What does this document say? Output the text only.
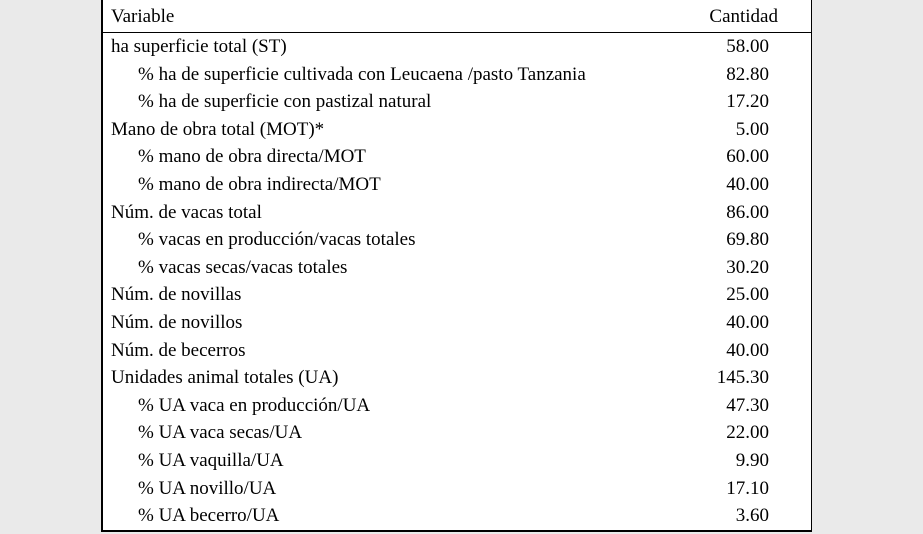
Variable	Cantidad
ha superficie total (ST)	58.00
% ha de superficie cultivada con Leucaena /pasto Tanzania	82.80
% ha de superficie con pastizal natural	17.20
Mano de obra total (MOT)*	5.00
% mano de obra directa/MOT	60.00
% mano de obra indirecta/MOT	40.00
Núm. de vacas total	86.00
% vacas en producción/vacas totales	69.80
% vacas secas/vacas totales	30.20
Núm. de novillas	25.00
Núm. de novillos	40.00
Núm. de becerros	40.00
Unidades animal totales (UA)	145.30
% UA vaca en producción/UA	47.30
% UA vaca secas/UA	22.00
% UA vaquilla/UA	9.90
% UA novillo/UA	17.10
% UA becerro/UA	3.60
